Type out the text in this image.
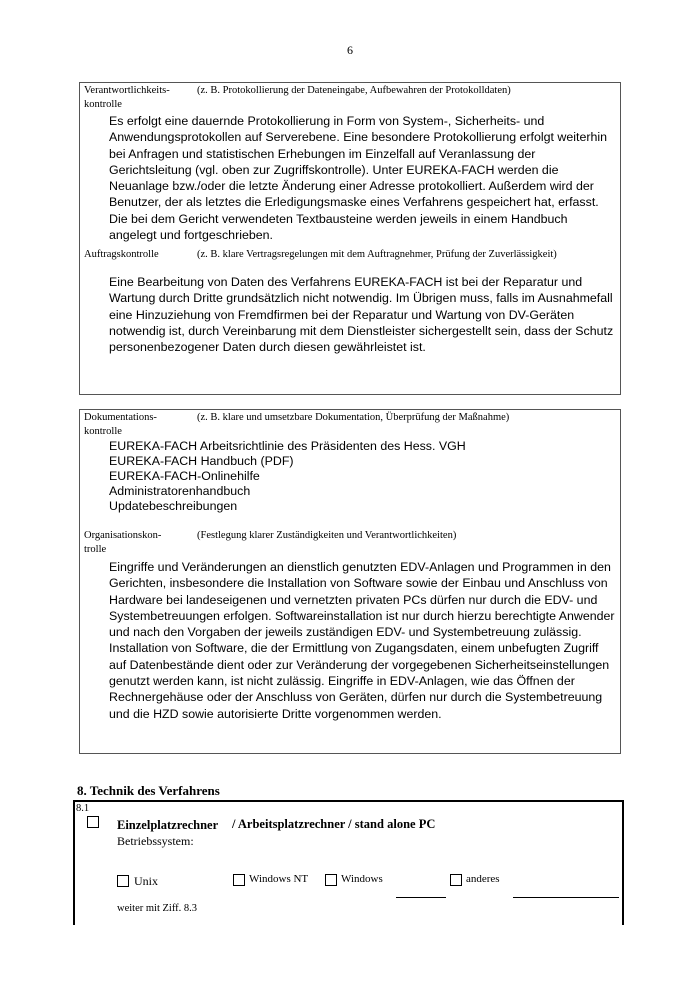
6
Verantwortlichkeits-
kontrolle
(z. B. Protokollierung der Dateneingabe, Aufbewahren der Protokolldaten)
Es erfolgt eine dauernde Protokollierung in Form von System-, Sicherheits- und Anwendungsprotokollen auf Serverebene. Eine besondere Protokollierung erfolgt weiterhin bei Anfragen und statistischen Erhebungen im Einzelfall auf Veranlassung der Gerichtsleitung (vgl. oben zur Zugriffskontrolle). Unter EUREKA-FACH werden die Neuanlage bzw./oder die letzte Änderung einer Adresse protokolliert. Außerdem wird der Benutzer, der als letztes die Erledigungsmaske eines Verfahrens gespeichert hat, erfasst. Die bei dem Gericht verwendeten Textbausteine werden jeweils in einem Handbuch angelegt und fortgeschrieben.
Auftragskontrolle	(z. B. klare Vertragsregelungen mit dem Auftragnehmer, Prüfung der Zuverlässigkeit)
Eine Bearbeitung von Daten des Verfahrens EUREKA-FACH ist bei der Reparatur und Wartung durch Dritte grundsätzlich nicht notwendig. Im Übrigen muss, falls im Ausnahmefall eine Hinzuziehung von Fremdfirmen bei der Reparatur und Wartung von DV-Geräten notwendig ist, durch Vereinbarung mit dem Dienstleister sichergestellt sein, dass der Schutz personenbezogener Daten durch diesen gewährleistet ist.
Dokumentations-
kontrolle
(z. B. klare und umsetzbare Dokumentation, Überprüfung der Maßnahme)
EUREKA-FACH Arbeitsrichtlinie des Präsidenten des Hess. VGH
EUREKA-FACH Handbuch (PDF)
EUREKA-FACH-Onlinehilfe
Administratorenhandbuch
Updatebeschreibungen
Organisationskon-
trolle
(Festlegung klarer Zuständigkeiten und Verantwortlichkeiten)
Eingriffe und Veränderungen an dienstlich genutzten EDV-Anlagen und Programmen in den Gerichten, insbesondere die Installation von Software sowie der Einbau und Anschluss von Hardware bei landeseigenen und vernetzten privaten PCs dürfen nur durch die EDV- und Systembetreuungen erfolgen. Softwareinstallation ist nur durch hierzu berechtigte Anwender und nach den Vorgaben der jeweils zuständigen EDV- und Systembetreuung zulässig. Installation von Software, die der Ermittlung von Zugangsdaten, einem unbefugten Zugriff auf Datenbestände dient oder zur Veränderung der vorgegebenen Sicherheitseinstellungen genutzt werden kann, ist nicht zulässig. Eingriffe in EDV-Anlagen, wie das Öffnen der Rechnergehäuse oder der Anschluss von Geräten, dürfen nur durch die Systembetreuung und die HZD sowie autorisierte Dritte vorgenommen werden.
8. Technik des Verfahrens
8.1
Einzelplatzrechner / Arbeitsplatzrechner / stand alone PC
Betriebssystem:
Unix	Windows NT	Windows	anderes
weiter mit Ziff. 8.3
